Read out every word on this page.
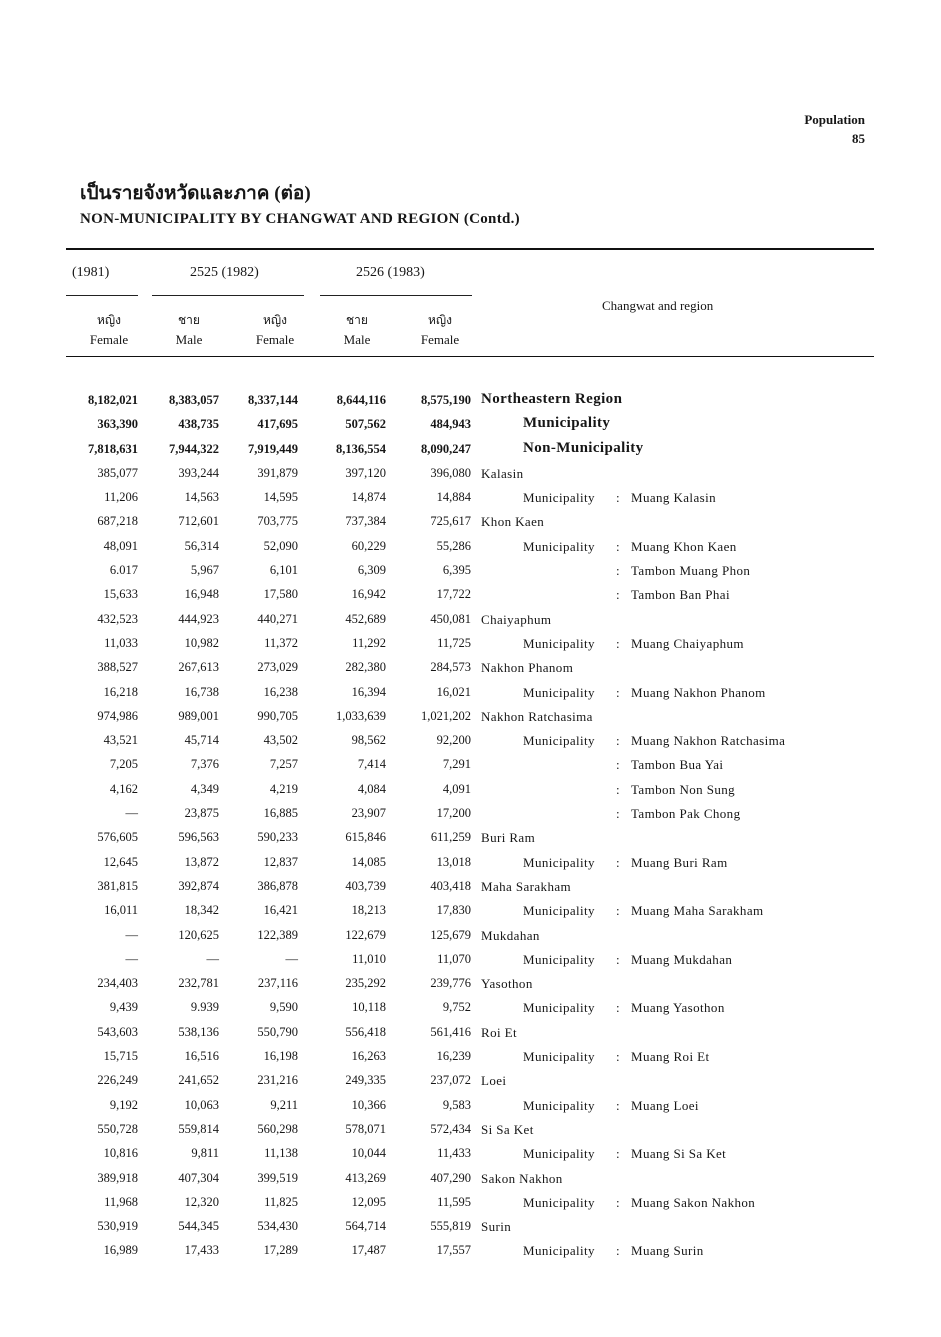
Population
85
เป็นรายจังหวัดและภาค (ต่อ)
NON-MUNICIPALITY BY CHANGWAT AND REGION (Contd.)
(1981)	2525 (1982)	2526 (1983)
หญิง
Female
ชาย
Male
หญิง
Female
ชาย
Male
หญิง
Female
Changwat and region
8,182,021	8,383,057	8,337,144	8,644,116	8,575,190 Northeastern Region
363,390	438,735	417,695	507,562	484,943	Municipality
7,818,631	7,944,322	7,919,449	8,136,554	8,090,247	Non-Municipality
385,077	393,244	391,879	397,120	396,080 Kalasin
11,206	14,563	14,595	14,874	14,884	Municipality : Muang Kalasin
687,218	712,601	703,775	737,384	725,617 Khon Kaen
48,091	56,314	52,090	60,229	55,286	Municipality : Muang Khon Kaen
6.017	5,967	6,101	6,309	6,395	: Tambon Muang Phon
15,633	16,948	17,580	16,942	17,722	: Tambon Ban Phai
432,523	444,923	440,271	452,689	450,081 Chaiyaphum
11,033	10,982	11,372	11,292	11,725	Municipality : Muang Chaiyaphum
388,527	267,613	273,029	282,380	284,573 Nakhon Phanom
16,218	16,738	16,238	16,394	16,021	Municipality : Muang Nakhon Phanom
974,986	989,001	990,705	1,033,639	1,021,202 Nakhon Ratchasima
43,521	45,714	43,502	98,562	92,200	Municipality : Muang Nakhon Ratchasima
7,205	7,376	7,257	7,414	7,291	: Tambon Bua Yai
4,162	4,349	4,219	4,084	4,091	: Tambon Non Sung
—	23,875	16,885	23,907	17,200	: Tambon Pak Chong
576,605	596,563	590,233	615,846	611,259 Buri Ram
12,645	13,872	12,837	14,085	13,018	Municipality : Muang Buri Ram
381,815	392,874	386,878	403,739	403,418 Maha Sarakham
16,011	18,342	16,421	18,213	17,830	Municipality : Muang Maha Sarakham
—	120,625	122,389	122,679	125,679 Mukdahan
—	—	—	11,010	11,070	Municipality : Muang Mukdahan
234,403	232,781	237,116	235,292	239,776 Yasothon
9,439	9.939	9,590	10,118	9,752	Municipality : Muang Yasothon
543,603	538,136	550,790	556,418	561,416 Roi Et
15,715	16,516	16,198	16,263	16,239	Municipality : Muang Roi Et
226,249	241,652	231,216	249,335	237,072 Loei
9,192	10,063	9,211	10,366	9,583	Municipality : Muang Loei
550,728	559,814	560,298	578,071	572,434 Si Sa Ket
10,816	9,811	11,138	10,044	11,433	Municipality : Muang Si Sa Ket
389,918	407,304	399,519	413,269	407,290 Sakon Nakhon
11,968	12,320	11,825	12,095	11,595	Municipality : Muang Sakon Nakhon
530,919	544,345	534,430	564,714	555,819 Surin
16,989	17,433	17,289	17,487	17,557	Municipality : Muang Surin
